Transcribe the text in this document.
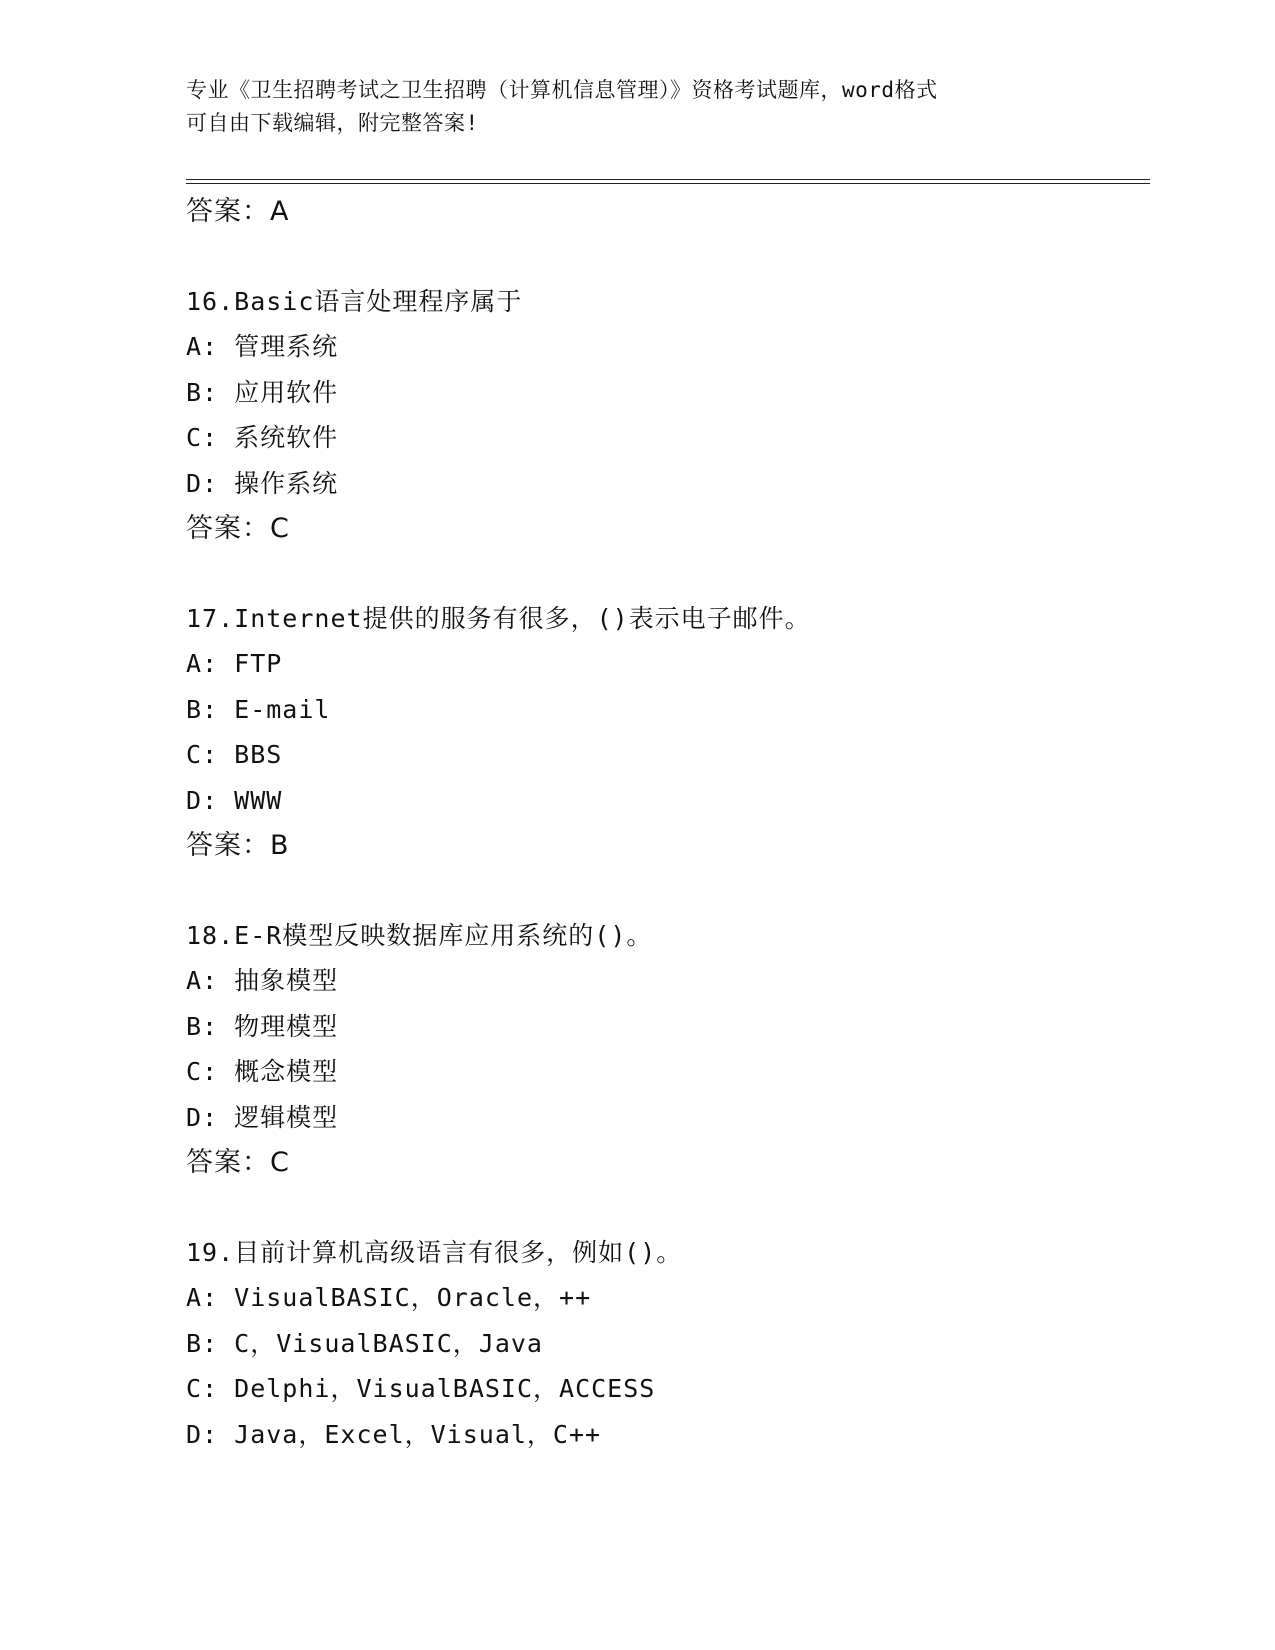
专业《卫生招聘考试之卫生招聘（计算机信息管理）》资格考试题库，word格式
可自由下载编辑，附完整答案!
答案：A
16.Basic语言处理程序属于
A: 管理系统
B: 应用软件
C: 系统软件
D: 操作系统
答案：C
17.Internet提供的服务有很多，()表示电子邮件。
A: FTP
B: E-mail
C: BBS
D: WWW
答案：B
18.E-R模型反映数据库应用系统的()。
A: 抽象模型
B: 物理模型
C: 概念模型
D: 逻辑模型
答案：C
19.目前计算机高级语言有很多，例如()。
A: VisualBASIC，Oracle，++
B: C，VisualBASIC，Java
C: Delphi，VisualBASIC，ACCESS
D: Java，Excel，Visual，C++
